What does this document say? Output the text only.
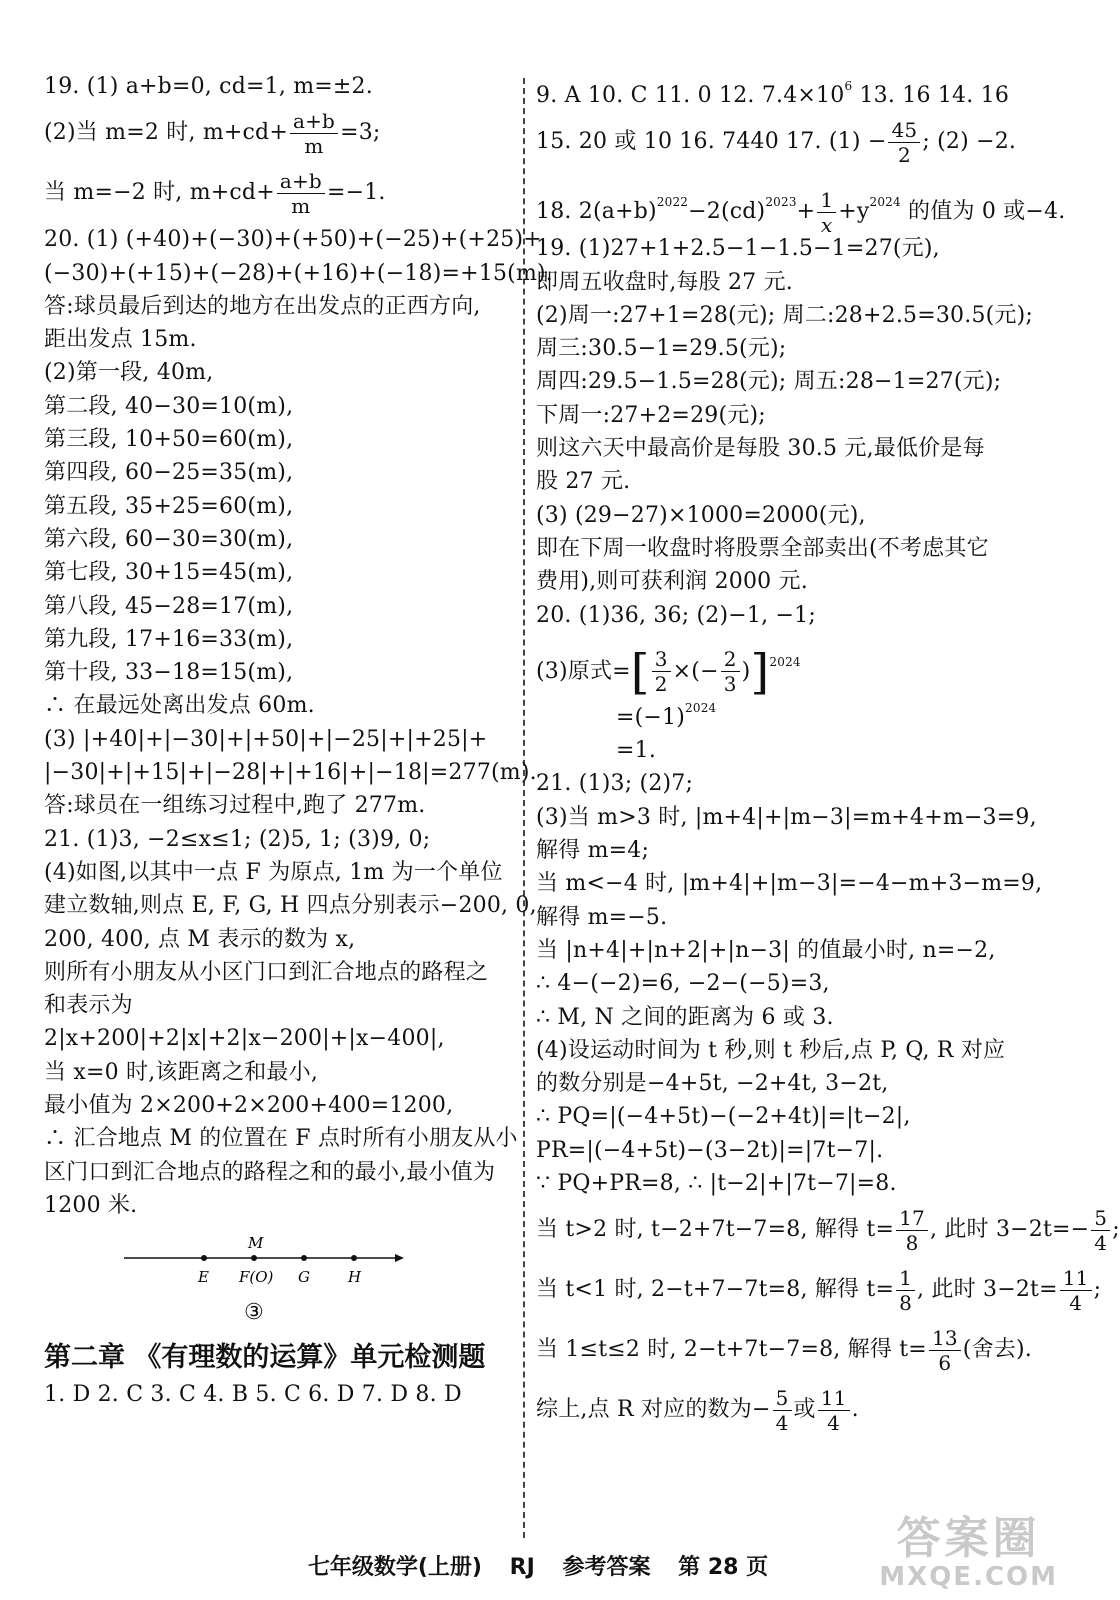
19. (1) a+b=0, cd=1, m=±2.
(2)当 m=2 时, $m+cd+ \frac{a+b}{m} =3$;
当 m=−2 时, $m+cd+ \frac{a+b}{m} =-1$.
20. (1) (+40)+(−30)+(+50)+(−25)+(+25)+
(−30)+(+15)+(−28)+(+16)+(−18)=+15(m).
答:球员最后到达的地方在出发点的正西方向,
距出发点 15m.
(2)第一段, 40m,
第二段, 40−30=10(m),
第三段, 10+50=60(m),
第四段, 60−25=35(m),
第五段, 35+25=60(m),
第六段, 60−30=30(m),
第七段, 30+15=45(m),
第八段, 45−28=17(m),
第九段, 17+16=33(m),
第十段, 33−18=15(m),
∴ 在最远处离出发点 60m.
(3) |+40|+|−30|+|+50|+|−25|+|+25|+
|−30|+|+15|+|−28|+|+16|+|−18|=277(m).
答:球员在一组练习过程中,跑了 277m.
21. (1)3, −2≤x≤1; (2)5, 1; (3)9, 0;
(4)如图,以其中一点 F 为原点, 1m 为一个单位
建立数轴,则点 E, F, G, H 四点分别表示−200, 0,
200, 400, 点 M 表示的数为 x,
则所有小朋友从小区门口到汇合地点的路程之
和表示为
2|x+200|+2|x|+2|x−200|+|x−400|,
当 x=0 时,该距离之和最小,
最小值为 2×200+2×200+400=1200,
∴ 汇合地点 M 的位置在 F 点时所有小朋友从小
区门口到汇合地点的路程之和的最小,最小值为
1200 米.
M
E F(O) G	H
③
第二章 《有理数的运算》单元检测题
1. D 2. C 3. C 4. B 5. C 6. D 7. D 8. D
9. A 10. C 11. 0 12. $7.4\times 10^6$ 13. 16 14. 16
15. 20 或 10 16. 7440 17. $(1) - \frac{45}{2}$ ; (2) −2.
18. $2(a+b)^{2022}-2(cd)^{2023}+ \frac{1}{x} +y^{2024}$ 的值为 0 或−4.
19. (1)27+1+2.5−1−1.5−1=27(元),
即周五收盘时,每股 27 元.
(2)周一:27+1=28(元); 周二:28+2.5=30.5(元);
周三:30.5−1=29.5(元);
周四:29.5−1.5=28(元); 周五:28−1=27(元);
下周一:27+2=29(元);
则这六天中最高价是每股 30.5 元,最低价是每
股 27 元.
(3) (29−27)×1000=2000(元),
即在下周一收盘时将股票全部卖出(不考虑其它
费用),则可获利润 2000 元.
20. (1)36, 36; (2)−1, −1;
(3)原式=[ $\frac{3}{2}$ ×(− $\frac{2}{3} )]^{2024}$
$=(-1)^{2024}$
=1.
21. (1)3; (2)7;
(3)当 m>3 时, |m+4|+|m−3|=m+4+m−3=9,
解得 m=4;
当 m<−4 时, |m+4|+|m−3|=−4−m+3−m=9,
解得 m=−5.
当 |n+4|+|n+2|+|n−3| 的值最小时, n=−2,
∴ 4−(−2)=6, −2−(−5)=3,
∴ M, N 之间的距离为 6 或 3.
(4)设运动时间为 t 秒,则 t 秒后,点 P, Q, R 对应
的数分别是−4+5t, −2+4t, 3−2t,
∴ PQ=|(−4+5t)−(−2+4t)|=|t−2|,
PR=|(−4+5t)−(3−2t)|=|7t−7|.
∵ PQ+PR=8, ∴ |t−2|+|7t−7|=8.
当 t>2 时, t−2+7t−7=8, 解得 $t= \frac{17}{8}$ , 此时 $3-2t=- \frac{5}{4}$ ;
当 t<1 时, 2−t+7−7t=8, 解得 $t= \frac{1}{8}$ , 此时 $3-2t= \frac{11}{4}$ ;
当 1≤t≤2 时, 2−t+7t−7=8, 解得 $t= \frac{13}{6}$ (舍去).
综上,点 R 对应的数为− $\frac{5}{4}$ 或 $\frac{11}{4}$ .
七年级数学(上册) RJ 参考答案 第 28 页
答案圈
MXQE.COM
